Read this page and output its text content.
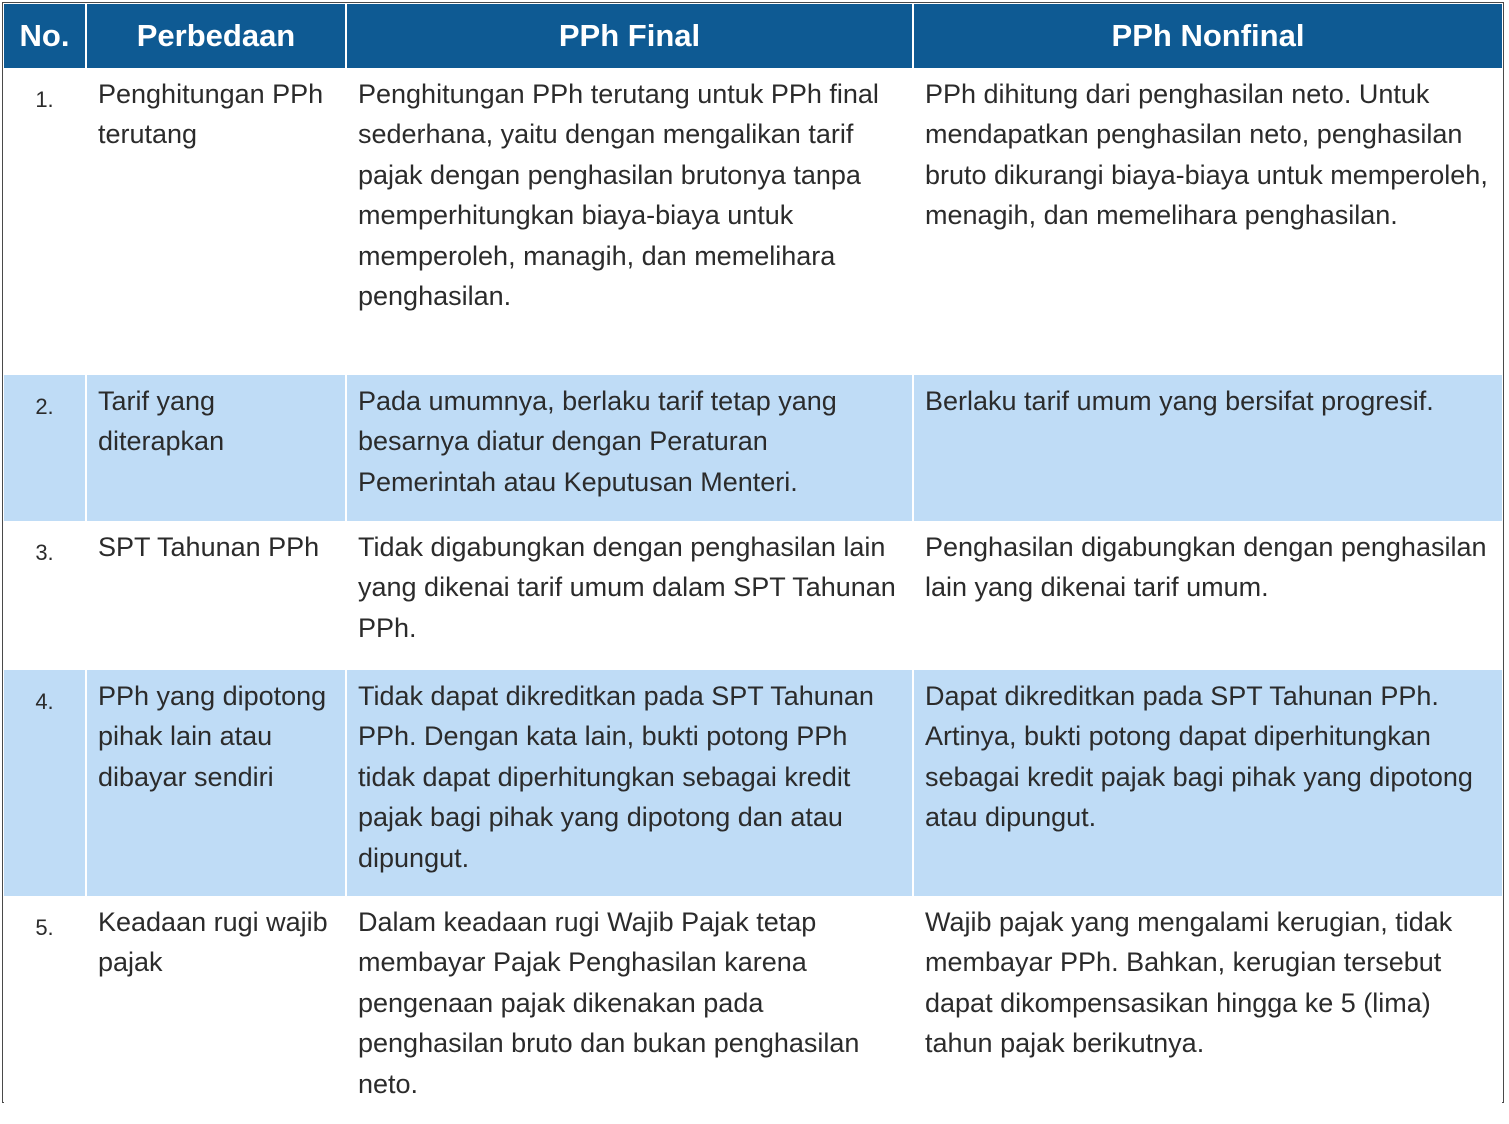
No.	Perbedaan	PPh Final	PPh Nonfinal
1.	Penghitungan PPh terutang	Penghitungan PPh terutang untuk PPh final sederhana, yaitu dengan mengalikan tarif pajak dengan penghasilan brutonya tanpa memperhitungkan biaya-biaya untuk memperoleh, managih, dan memelihara penghasilan.	PPh dihitung dari penghasilan neto. Untuk mendapatkan penghasilan neto, penghasilan bruto dikurangi biaya-biaya untuk memperoleh, menagih, dan memelihara penghasilan.
2.	Tarif yang diterapkan	Pada umumnya, berlaku tarif tetap yang besarnya diatur dengan Peraturan Pemerintah atau Keputusan Menteri.	Berlaku tarif umum yang bersifat progresif.
3.	SPT Tahunan PPh	Tidak digabungkan dengan penghasilan lain yang dikenai tarif umum dalam SPT Tahunan PPh.	Penghasilan digabungkan dengan penghasilan lain yang dikenai tarif umum.
4.	PPh yang dipotong pihak lain atau dibayar sendiri	Tidak dapat dikreditkan pada SPT Tahunan PPh. Dengan kata lain, bukti potong PPh tidak dapat diperhitungkan sebagai kredit pajak bagi pihak yang dipotong dan atau dipungut.	Dapat dikreditkan pada SPT Tahunan PPh. Artinya, bukti potong dapat diperhitungkan sebagai kredit pajak bagi pihak yang dipotong atau dipungut.
5.	Keadaan rugi wajib pajak	Dalam keadaan rugi Wajib Pajak tetap membayar Pajak Penghasilan karena pengenaan pajak dikenakan pada penghasilan bruto dan bukan penghasilan neto.	Wajib pajak yang mengalami kerugian, tidak membayar PPh. Bahkan, kerugian tersebut dapat dikompensasikan hingga ke 5 (lima) tahun pajak berikutnya.
